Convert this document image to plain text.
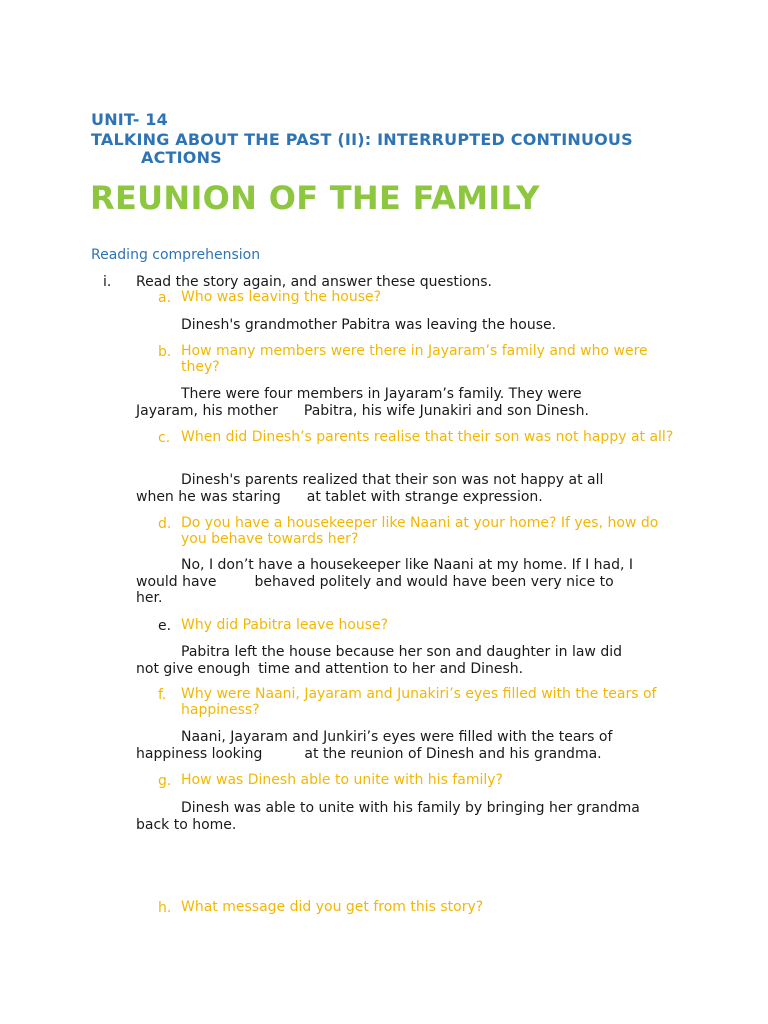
UNIT- 14
TALKING ABOUT THE PAST (II): INTERRUPTED CONTINUOUS
ACTIONS
REUNION OF THE FAMILY
Reading comprehension
i. Read the story again, and answer these questions.
a. Who was leaving the house?
Dinesh's grandmother Pabitra was leaving the house.
b. How many members were there in Jayaram’s family and who were they?
There were four members in Jayaram’s family. They were
Jayaram, his mother Pabitra, his wife Junakiri and son Dinesh.
c. When did Dinesh’s parents realise that their son was not happy at all?
Dinesh's parents realized that their son was not happy at all
when he was staring at tablet with strange expression.
d. Do you have a housekeeper like Naani at your home? If yes, how do you behave towards her?
No, I don’t have a housekeeper like Naani at my home. If I had, I
would have	behaved politely and would have been very nice to
her.
e. Why did Pabitra leave house?
Pabitra left the house because her son and daughter in law did
not give enough time and attention to her and Dinesh.
f. Why were Naani, Jayaram and Junakiri’s eyes filled with the tears of happiness?
Naani, Jayaram and Junkiri’s eyes were filled with the tears of
happiness looking	at the reunion of Dinesh and his grandma.
g. How was Dinesh able to unite with his family?
Dinesh was able to unite with his family by bringing her grandma
back to home.
h. What message did you get from this story?
